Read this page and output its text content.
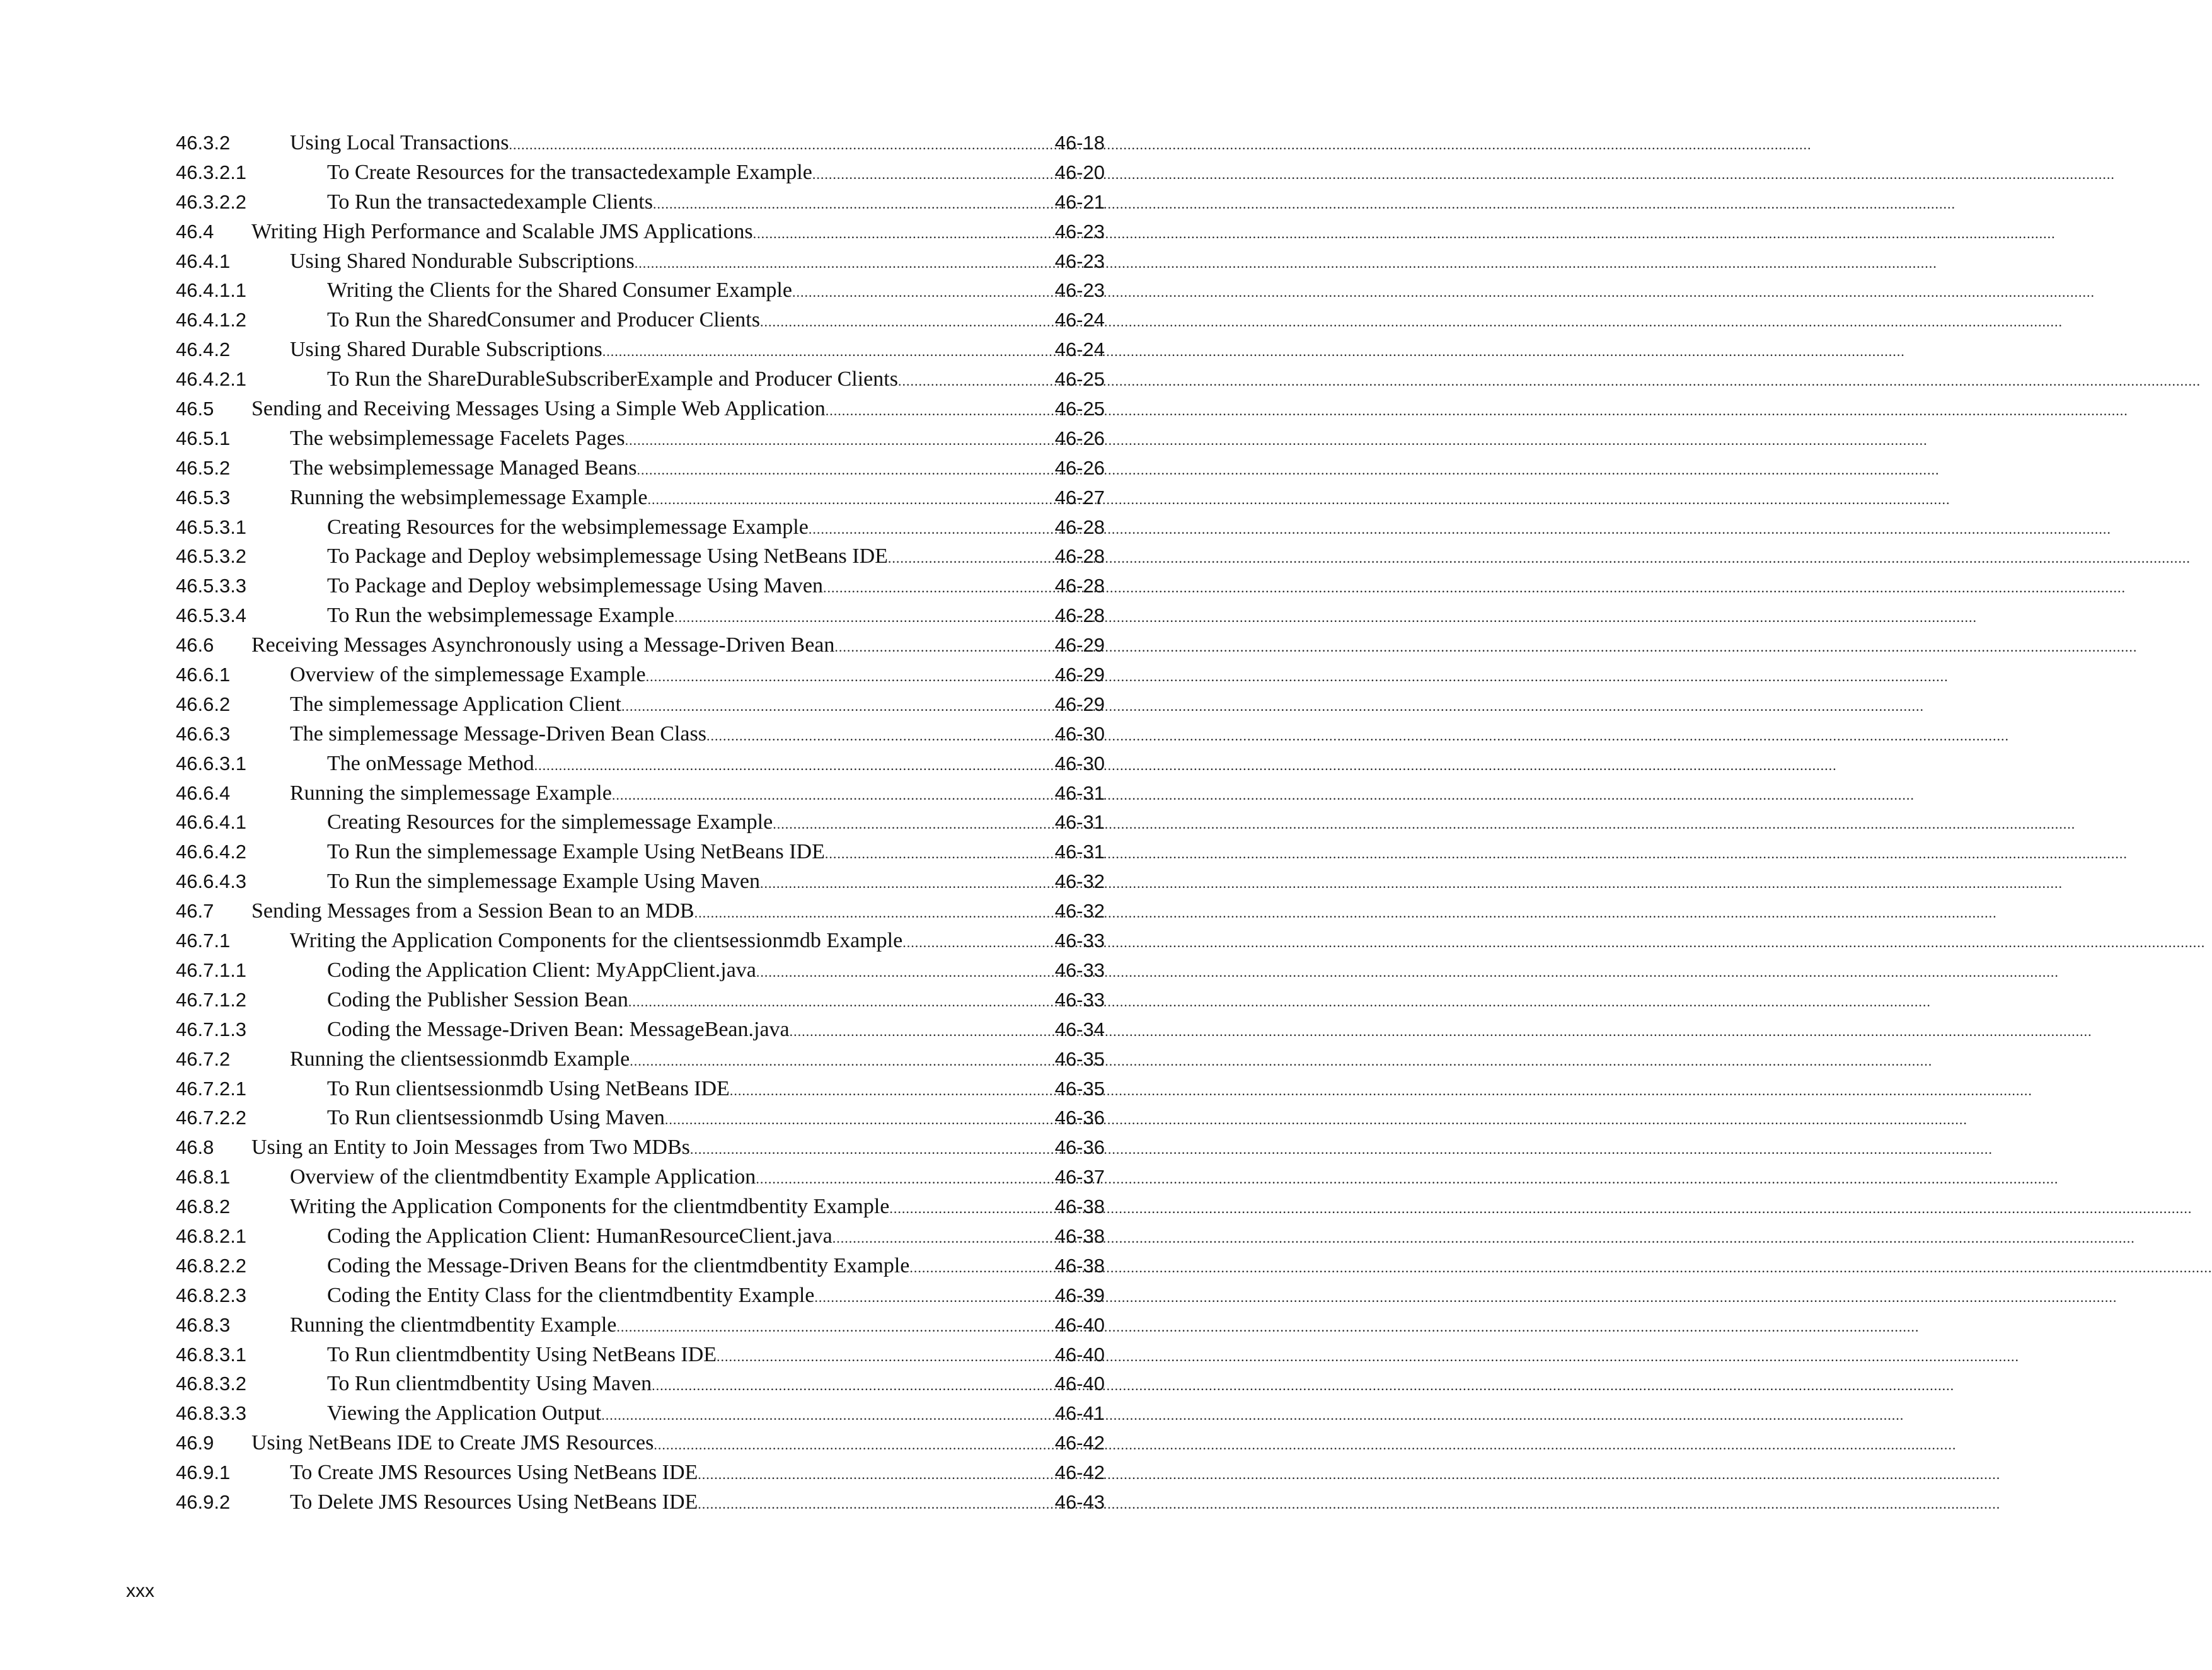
46.3.2	Using Local Transactions .....	46-18
46.3.2.1	To Create Resources for the transactedexample Example .....	46-20
46.3.2.2	To Run the transactedexample Clients .....	46-21
46.4 Writing High Performance and Scalable JMS Applications .....	46-23
46.4.1	Using Shared Nondurable Subscriptions .....	46-23
46.4.1.1	Writing the Clients for the Shared Consumer Example .....	46-23
46.4.1.2	To Run the SharedConsumer and Producer Clients .....	46-24
46.4.2	Using Shared Durable Subscriptions .....	46-24
46.4.2.1	To Run the ShareDurableSubscriberExample and Producer Clients .....	46-25
46.5 Sending and Receiving Messages Using a Simple Web Application .....	46-25
46.5.1	The websimplemessage Facelets Pages .....	46-26
46.5.2	The websimplemessage Managed Beans .....	46-26
46.5.3	Running the websimplemessage Example .....	46-27
46.5.3.1	Creating Resources for the websimplemessage Example .....	46-28
46.5.3.2	To Package and Deploy websimplemessage Using NetBeans IDE .....	46-28
46.5.3.3	To Package and Deploy websimplemessage Using Maven .....	46-28
46.5.3.4	To Run the websimplemessage Example .....	46-28
46.6 Receiving Messages Asynchronously using a Message-Driven Bean .....	46-29
46.6.1	Overview of the simplemessage Example .....	46-29
46.6.2	The simplemessage Application Client .....	46-29
46.6.3	The simplemessage Message-Driven Bean Class .....	46-30
46.6.3.1	The onMessage Method .....	46-30
46.6.4	Running the simplemessage Example .....	46-31
46.6.4.1	Creating Resources for the simplemessage Example .....	46-31
46.6.4.2	To Run the simplemessage Example Using NetBeans IDE .....	46-31
46.6.4.3	To Run the simplemessage Example Using Maven .....	46-32
46.7 Sending Messages from a Session Bean to an MDB .....	46-32
46.7.1	Writing the Application Components for the clientsessionmdb Example .....	46-33
46.7.1.1	Coding the Application Client: MyAppClient.java .....	46-33
46.7.1.2	Coding the Publisher Session Bean .....	46-33
46.7.1.3	Coding the Message-Driven Bean: MessageBean.java .....	46-34
46.7.2	Running the clientsessionmdb Example .....	46-35
46.7.2.1	To Run clientsessionmdb Using NetBeans IDE .....	46-35
46.7.2.2	To Run clientsessionmdb Using Maven .....	46-36
46.8 Using an Entity to Join Messages from Two MDBs .....	46-36
46.8.1	Overview of the clientmdbentity Example Application .....	46-37
46.8.2	Writing the Application Components for the clientmdbentity Example .....	46-38
46.8.2.1	Coding the Application Client: HumanResourceClient.java .....	46-38
46.8.2.2	Coding the Message-Driven Beans for the clientmdbentity Example .....	46-38
46.8.2.3	Coding the Entity Class for the clientmdbentity Example .....	46-39
46.8.3	Running the clientmdbentity Example .....	46-40
46.8.3.1	To Run clientmdbentity Using NetBeans IDE .....	46-40
46.8.3.2	To Run clientmdbentity Using Maven .....	46-40
46.8.3.3	Viewing the Application Output .....	46-41
46.9 Using NetBeans IDE to Create JMS Resources .....	46-42
46.9.1	To Create JMS Resources Using NetBeans IDE .....	46-42
46.9.2	To Delete JMS Resources Using NetBeans IDE .....	46-43
xxx
